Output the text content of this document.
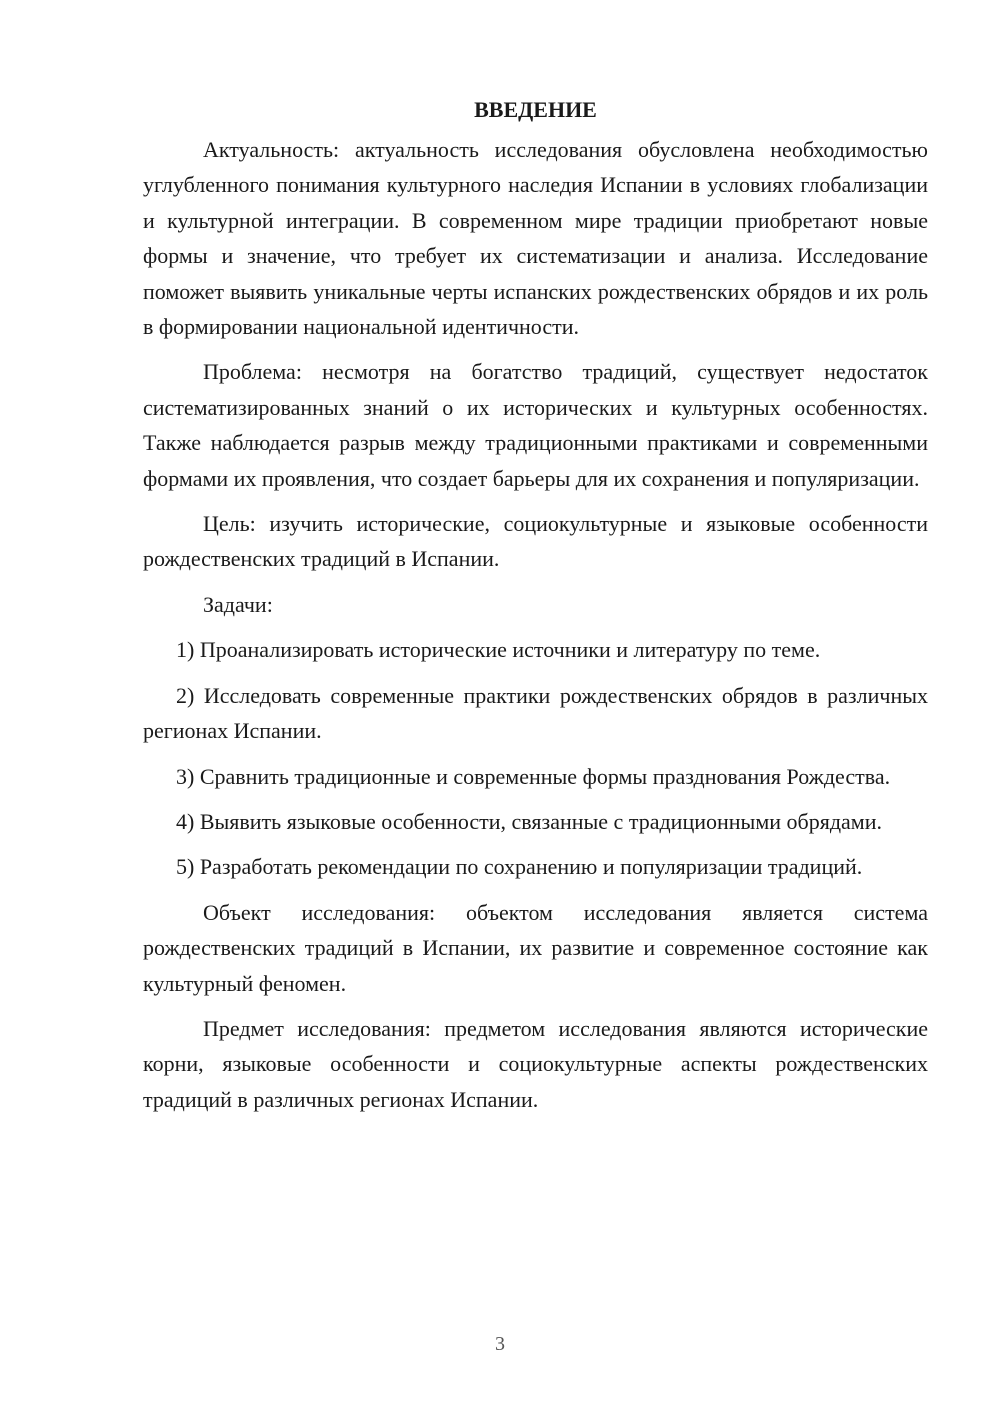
ВВЕДЕНИЕ

Актуальность: актуальность исследования обусловлена необходимостью углубленного понимания культурного наследия Испании в условиях глобализации и культурной интеграции. В современном мире традиции приобретают новые формы и значение, что требует их систематизации и анализа. Исследование поможет выявить уникальные черты испанских рождественских обрядов и их роль в формировании национальной идентичности.

Проблема: несмотря на богатство традиций, существует недостаток систематизированных знаний о их исторических и культурных особенностях. Также наблюдается разрыв между традиционными практиками и современными формами их проявления, что создает барьеры для их сохранения и популяризации.

Цель: изучить исторические, социокультурные и языковые особенности рождественских традиций в Испании.

Задачи:

1) Проанализировать исторические источники и литературу по теме.

2) Исследовать современные практики рождественских обрядов в различных регионах Испании.

3) Сравнить традиционные и современные формы празднования Рождества.

4) Выявить языковые особенности, связанные с традиционными обрядами.

5) Разработать рекомендации по сохранению и популяризации традиций.

Объект исследования: объектом исследования является система рождественских традиций в Испании, их развитие и современное состояние как культурный феномен.

Предмет исследования: предметом исследования являются исторические корни, языковые особенности и социокультурные аспекты рождественских традиций в различных регионах Испании.

3
